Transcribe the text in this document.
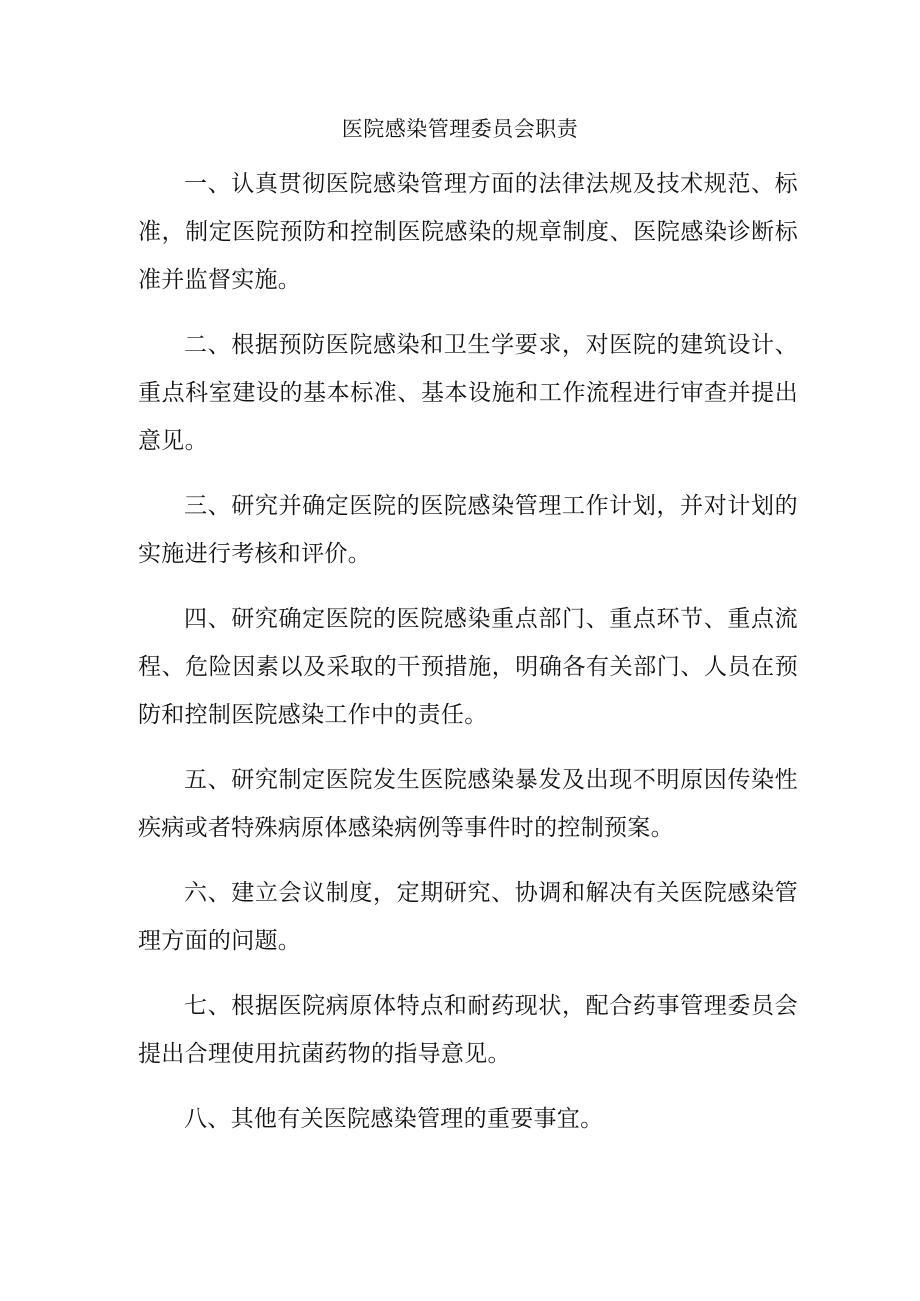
医院感染管理委员会职责

一、认真贯彻医院感染管理方面的法律法规及技术规范、标准，制定医院预防和控制医院感染的规章制度、医院感染诊断标准并监督实施。

二、根据预防医院感染和卫生学要求，对医院的建筑设计、重点科室建设的基本标准、基本设施和工作流程进行审查并提出意见。

三、研究并确定医院的医院感染管理工作计划，并对计划的实施进行考核和评价。

四、研究确定医院的医院感染重点部门、重点环节、重点流程、危险因素以及采取的干预措施，明确各有关部门、人员在预防和控制医院感染工作中的责任。

五、研究制定医院发生医院感染暴发及出现不明原因传染性疾病或者特殊病原体感染病例等事件时的控制预案。

六、建立会议制度，定期研究、协调和解决有关医院感染管理方面的问题。

七、根据医院病原体特点和耐药现状，配合药事管理委员会提出合理使用抗菌药物的指导意见。

八、其他有关医院感染管理的重要事宜。
